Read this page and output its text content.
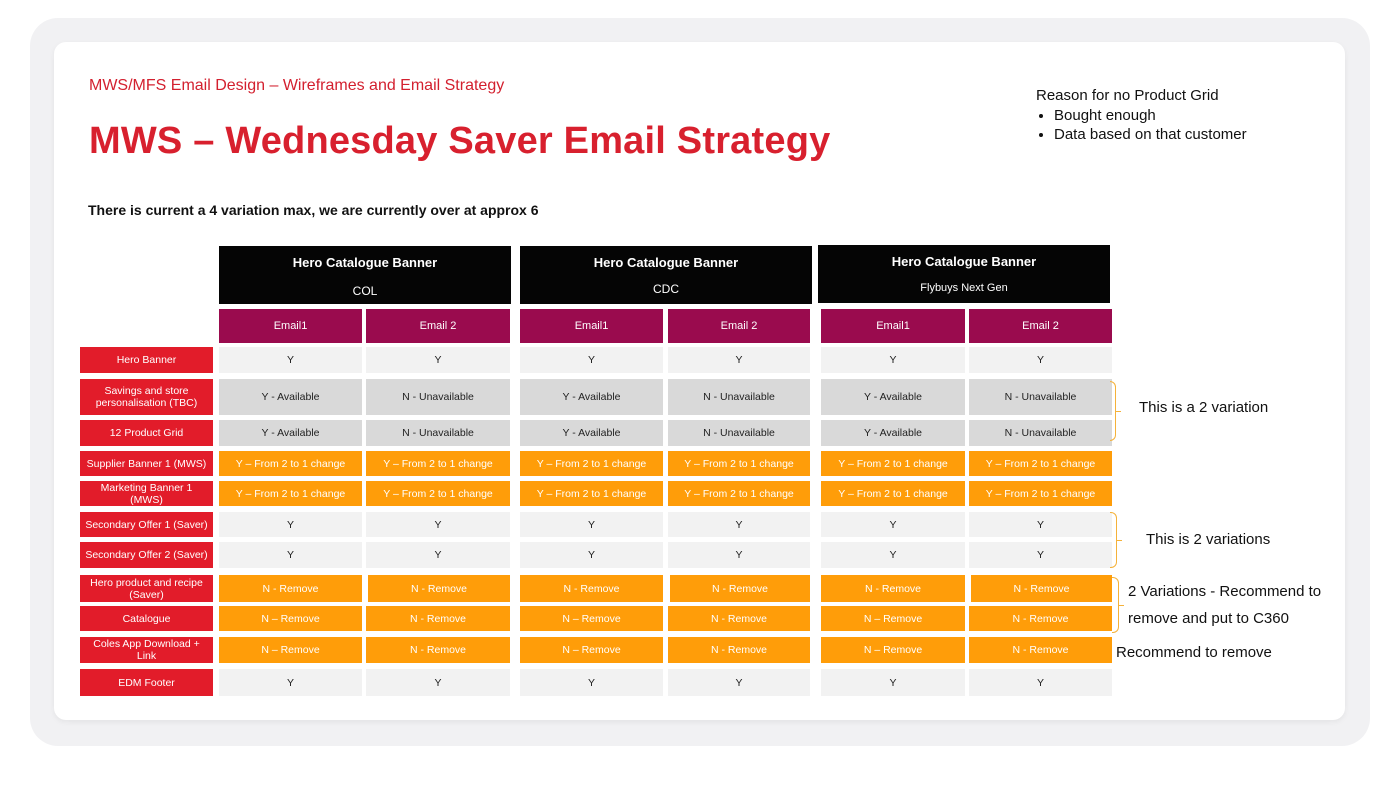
MWS/MFS Email Design – Wireframes and Email Strategy
MWS – Wednesday Saver Email Strategy
There is current a 4 variation max, we are currently over at approx 6
Reason for no Product Grid
• Bought enough
• Data based on that customer
Hero Catalogue Banner
COL
Hero Catalogue Banner
CDC
Hero Catalogue Banner
Flybuys Next Gen
Email1	Email 2	Email1	Email 2	Email1	Email 2
Hero Banner	Y	Y	Y	Y	Y	Y
Savings and store personalisation (TBC)	Y - Available	N - Unavailable	Y - Available	N - Unavailable	Y - Available	N - Unavailable
12 Product Grid	Y - Available	N - Unavailable	Y - Available	N - Unavailable	Y - Available	N - Unavailable
Supplier Banner 1 (MWS)	Y – From 2 to 1 change	Y – From 2 to 1 change	Y – From 2 to 1 change	Y – From 2 to 1 change	Y – From 2 to 1 change	Y – From 2 to 1 change
Marketing Banner 1 (MWS)	Y – From 2 to 1 change	Y – From 2 to 1 change	Y – From 2 to 1 change	Y – From 2 to 1 change	Y – From 2 to 1 change	Y – From 2 to 1 change
Secondary Offer 1 (Saver)	Y	Y	Y	Y	Y	Y
Secondary Offer 2 (Saver)	Y	Y	Y	Y	Y	Y
Hero product and recipe (Saver)	N - Remove	N - Remove	N - Remove	N - Remove	N - Remove	N - Remove
Catalogue	N – Remove	N - Remove	N – Remove	N - Remove	N – Remove	N - Remove
Coles App Download + Link	N – Remove	N - Remove	N – Remove	N - Remove	N – Remove	N - Remove
EDM Footer	Y	Y	Y	Y	Y	Y
This is a 2 variation
This is 2 variations
2 Variations - Recommend to
remove and put to C360
Recommend to remove
